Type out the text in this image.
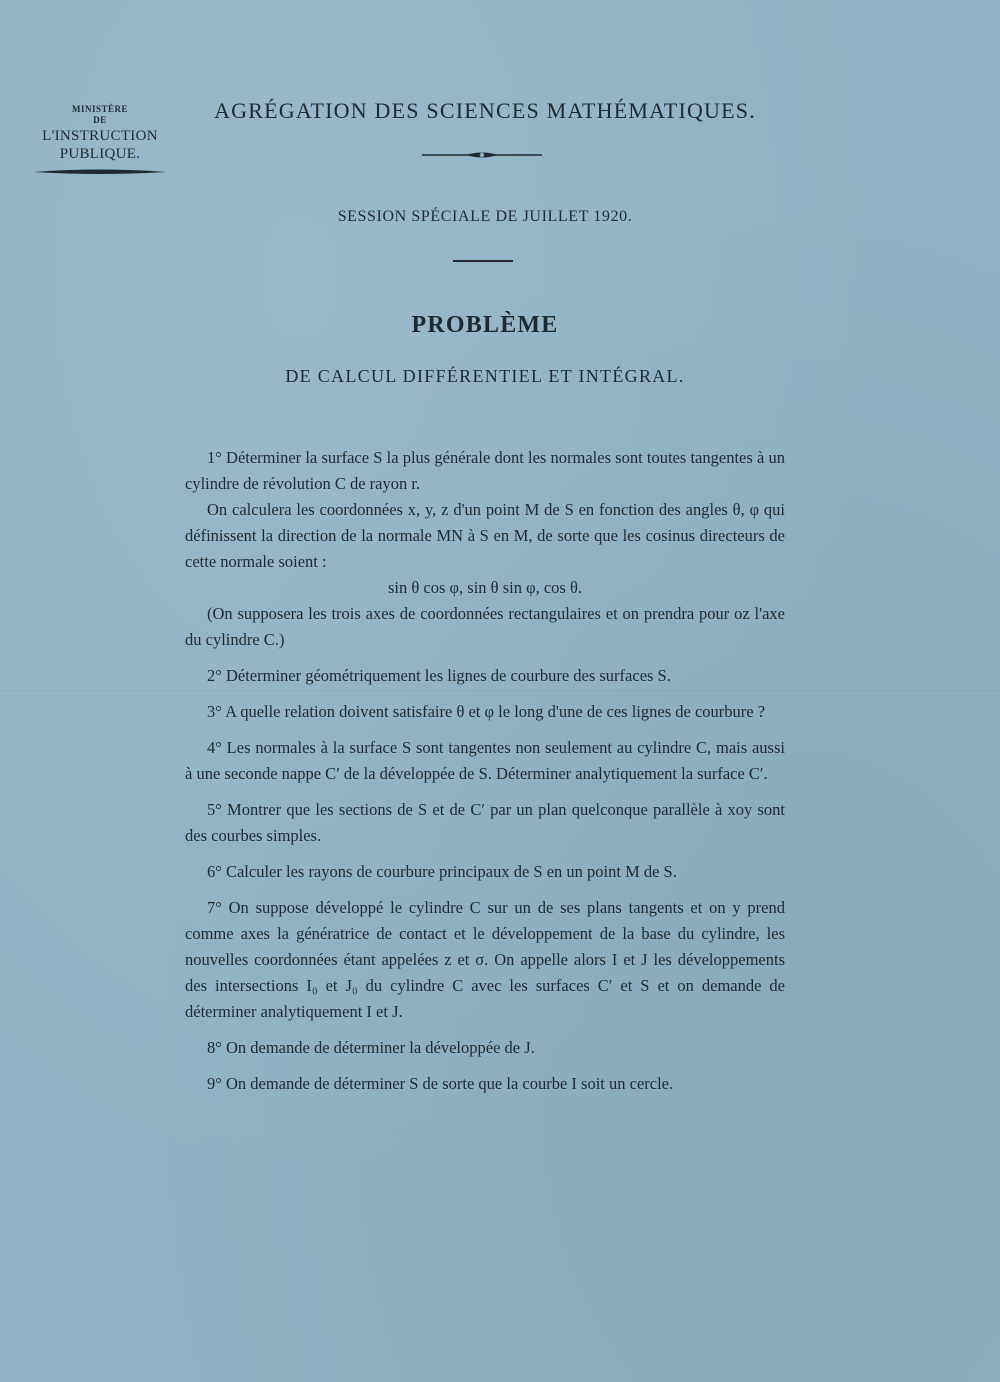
MINISTÈRE
DE
L'INSTRUCTION
PUBLIQUE.
AGRÉGATION DES SCIENCES MATHÉMATIQUES.
SESSION SPÉCIALE DE JUILLET 1920.
PROBLÈME
DE CALCUL DIFFÉRENTIEL ET INTÉGRAL.

1° Déterminer la surface S la plus générale dont les normales sont toutes tangentes à un cylindre de révolution C de rayon r.

On calculera les coordonnées x, y, z d'un point M de S en fonction des angles θ, φ qui définissent la direction de la normale MN à S en M, de sorte que les cosinus directeurs de cette normale soient :

sin θ cos φ, sin θ sin φ, cos θ.

(On supposera les trois axes de coordonnées rectangulaires et on prendra pour oz l'axe du cylindre C.)

2° Déterminer géométriquement les lignes de courbure des surfaces S.

3° A quelle relation doivent satisfaire θ et φ le long d'une de ces lignes de courbure ?

4° Les normales à la surface S sont tangentes non seulement au cylindre C, mais aussi à une seconde nappe C′ de la développée de S. Déterminer analytiquement la surface C′.

5° Montrer que les sections de S et de C′ par un plan quelconque parallèle à xoy sont des courbes simples.

6° Calculer les rayons de courbure principaux de S en un point M de S.

7° On suppose développé le cylindre C sur un de ses plans tangents et on y prend comme axes la génératrice de contact et le développement de la base du cylindre, les nouvelles coordonnées étant appelées z et σ. On appelle alors I et J les développements des intersections I₀ et J₀ du cylindre C avec les surfaces C′ et S et on demande de déterminer analytiquement I et J.

8° On demande de déterminer la développée de J.

9° On demande de déterminer S de sorte que la courbe I soit un cercle.
